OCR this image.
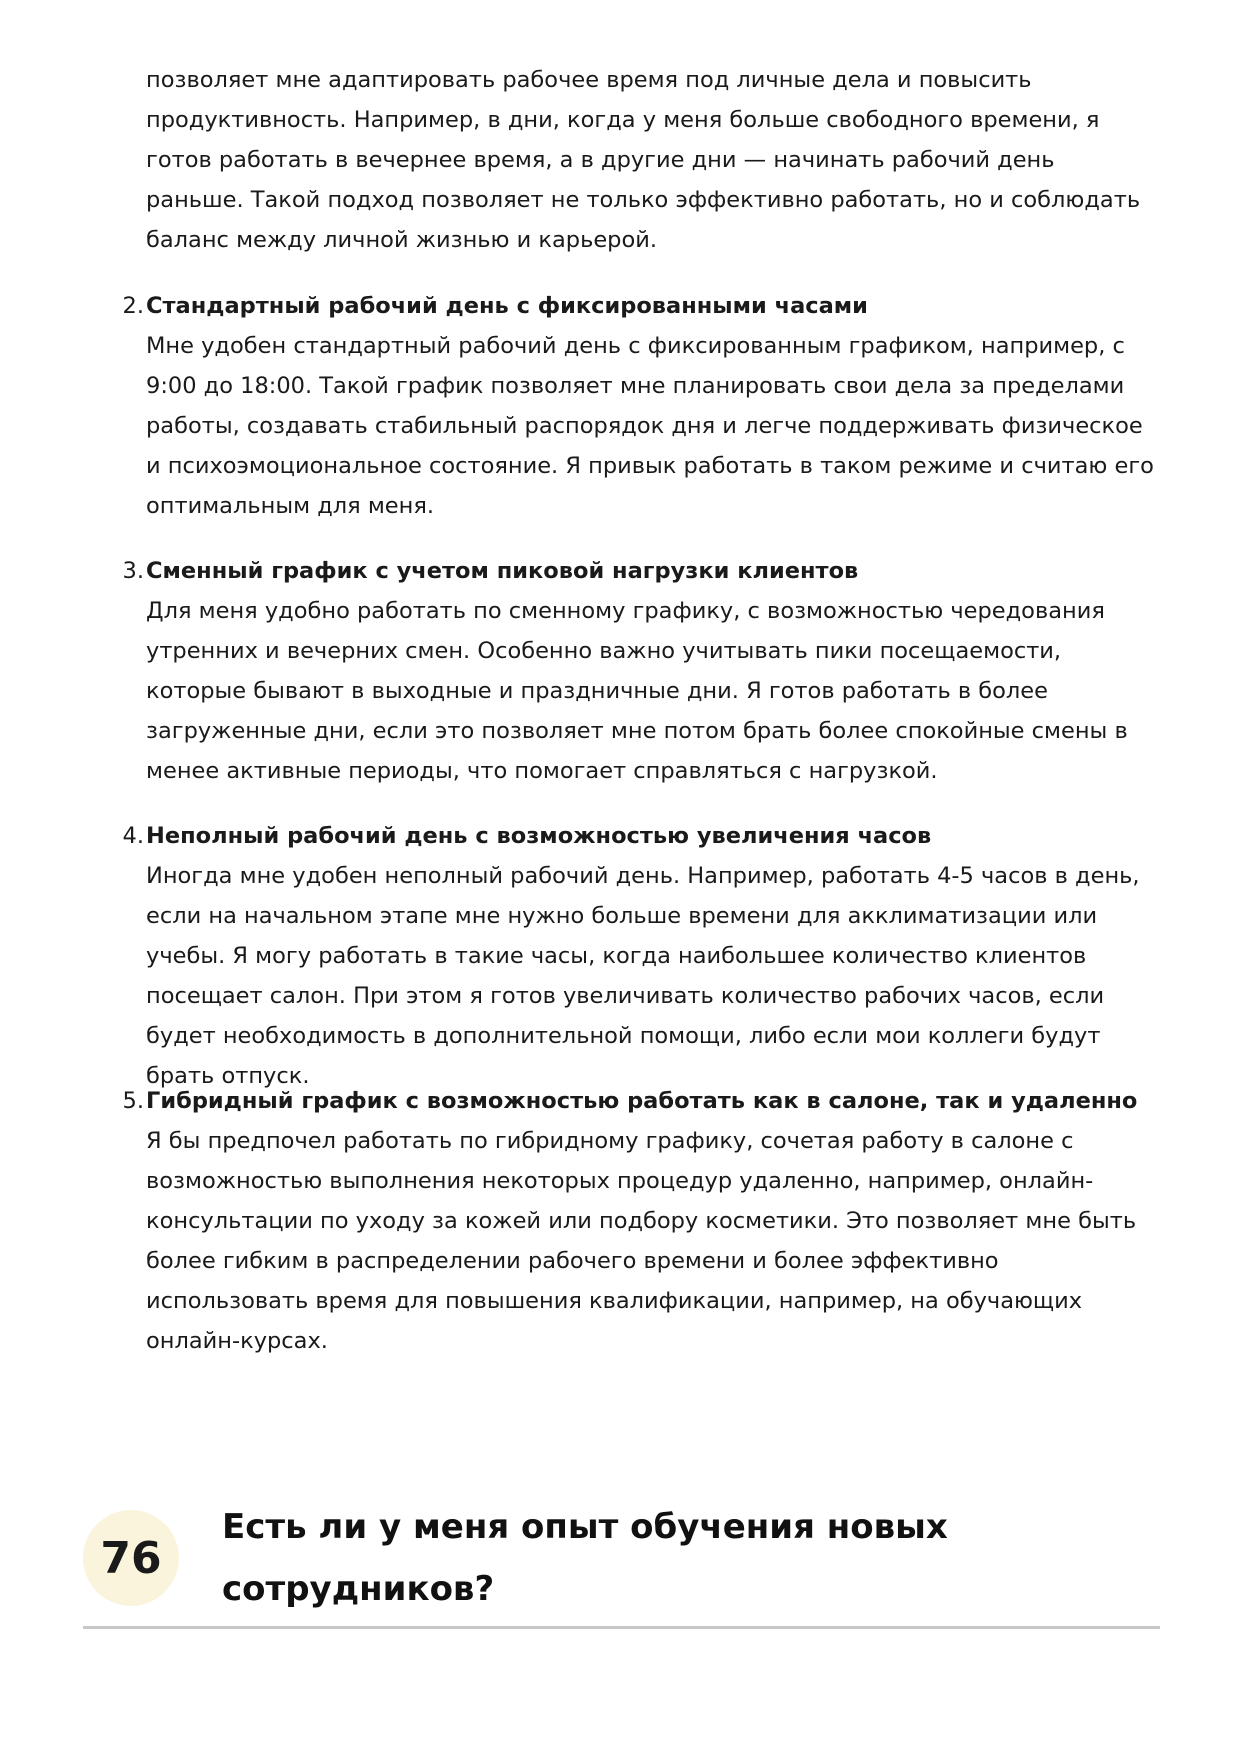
позволяет мне адаптировать рабочее время под личные дела и повысить продуктивность. Например, в дни, когда у меня больше свободного времени, я готов работать в вечернее время, а в другие дни — начинать рабочий день раньше. Такой подход позволяет не только эффективно работать, но и соблюдать баланс между личной жизнью и карьерой.

2. Стандартный рабочий день с фиксированными часами
Мне удобен стандартный рабочий день с фиксированным графиком, например, с 9:00 до 18:00. Такой график позволяет мне планировать свои дела за пределами работы, создавать стабильный распорядок дня и легче поддерживать физическое и психоэмоциональное состояние. Я привык работать в таком режиме и считаю его оптимальным для меня.
3. Сменный график с учетом пиковой нагрузки клиентов
Для меня удобно работать по сменному графику, с возможностью чередования утренних и вечерних смен. Особенно важно учитывать пики посещаемости, которые бывают в выходные и праздничные дни. Я готов работать в более загруженные дни, если это позволяет мне потом брать более спокойные смены в менее активные периоды, что помогает справляться с нагрузкой.
4. Неполный рабочий день с возможностью увеличения часов
Иногда мне удобен неполный рабочий день. Например, работать 4-5 часов в день, если на начальном этапе мне нужно больше времени для акклиматизации или учебы. Я могу работать в такие часы, когда наибольшее количество клиентов посещает салон. При этом я готов увеличивать количество рабочих часов, если будет необходимость в дополнительной помощи, либо если мои коллеги будут брать отпуск.
5. Гибридный график с возможностью работать как в салоне, так и удаленно
Я бы предпочел работать по гибридному графику, сочетая работу в салоне с возможностью выполнения некоторых процедур удаленно, например, онлайн-консультации по уходу за кожей или подбору косметики. Это позволяет мне быть более гибким в распределении рабочего времени и более эффективно использовать время для повышения квалификации, например, на обучающих онлайн-курсах.
76
Есть ли у меня опыт обучения новых сотрудников?
